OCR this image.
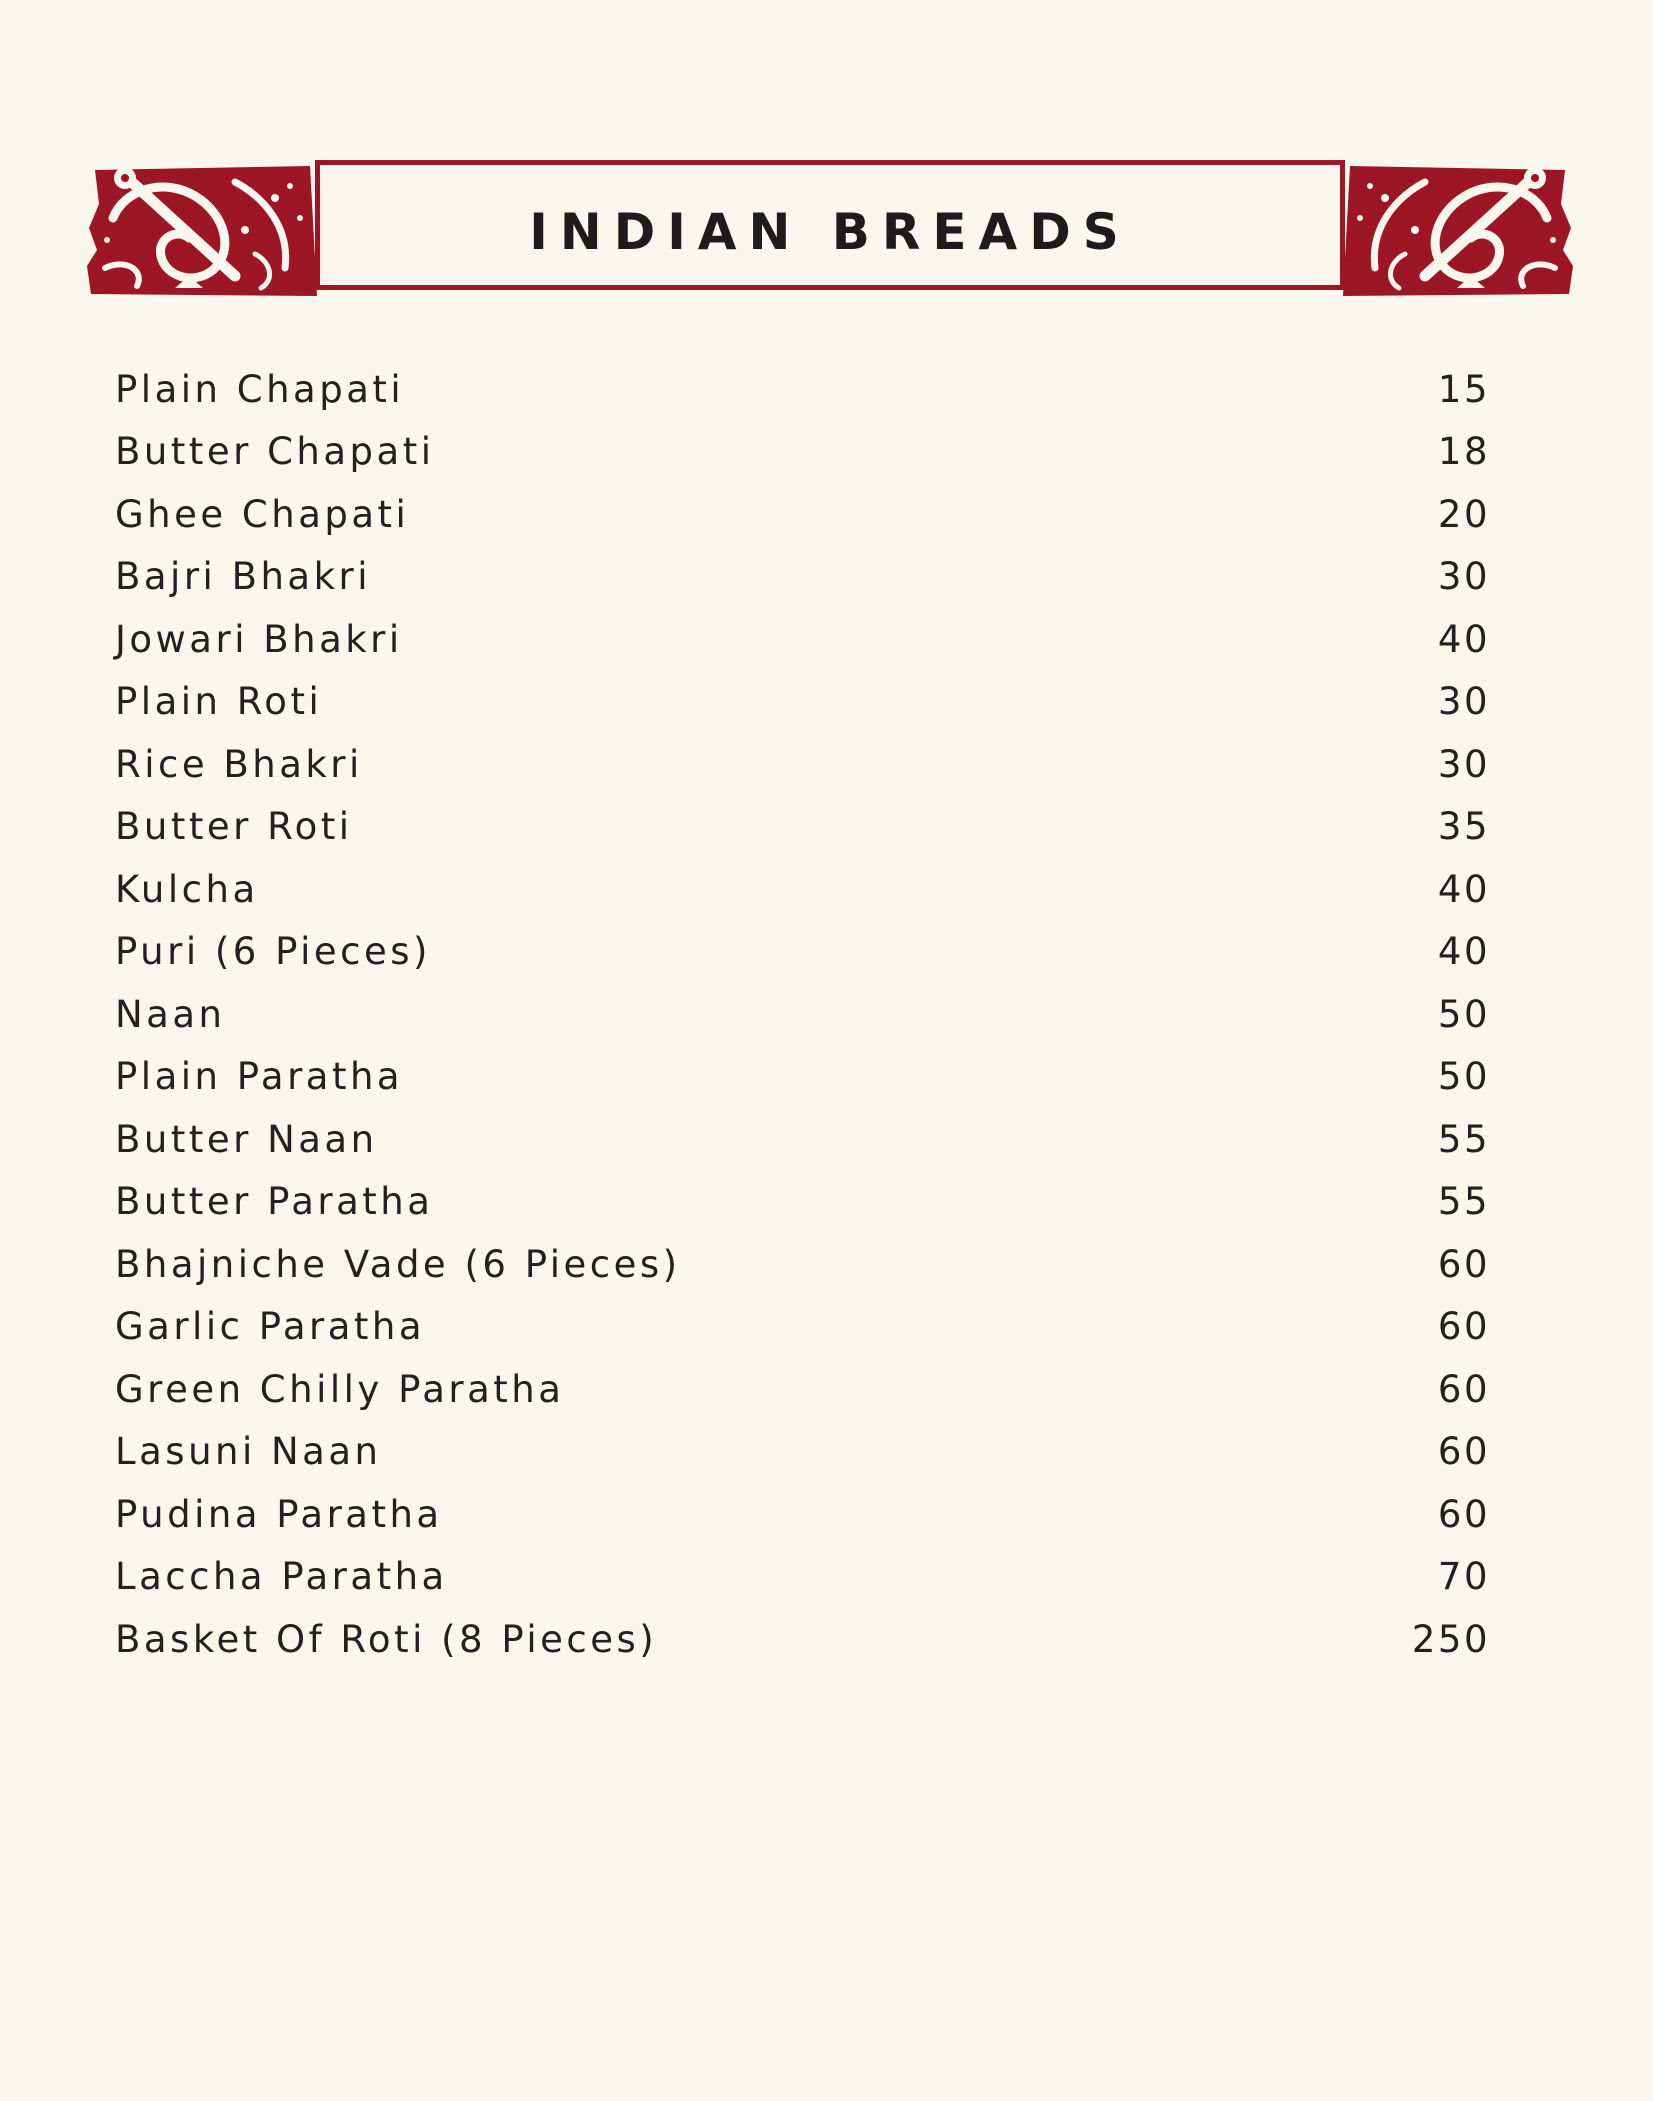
INDIAN BREADS
Plain Chapati	15
Butter Chapati	18
Ghee Chapati	20
Bajri Bhakri	30
Jowari Bhakri	40
Plain Roti	30
Rice Bhakri	30
Butter Roti	35
Kulcha	40
Puri (6 Pieces)	40
Naan	50
Plain Paratha	50
Butter Naan	55
Butter Paratha	55
Bhajniche Vade (6 Pieces)	60
Garlic Paratha	60
Green Chilly Paratha	60
Lasuni Naan	60
Pudina Paratha	60
Laccha Paratha	70
Basket Of Roti (8 Pieces)	250
